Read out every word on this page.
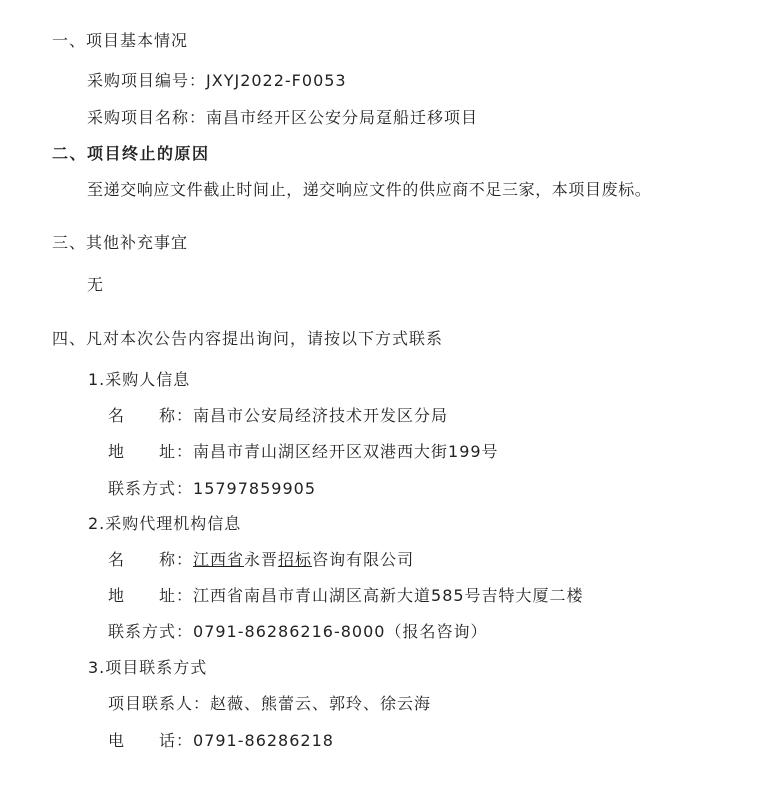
一、项目基本情况
采购项目编号：JXYJ2022-F0053
采购项目名称：南昌市经开区公安分局趸船迁移项目
二、项目终止的原因
至递交响应文件截止时间止，递交响应文件的供应商不足三家，本项目废标。
三、其他补充事宜
无
四、凡对本次公告内容提出询问，请按以下方式联系
1.采购人信息
名　　称：南昌市公安局经济技术开发区分局
地　　址：南昌市青山湖区经开区双港西大街199号
联系方式：15797859905
2.采购代理机构信息
名　　称：江西省永晋招标咨询有限公司
地　　址：江西省南昌市青山湖区高新大道585号吉特大厦二楼
联系方式：0791-86286216-8000（报名咨询）
3.项目联系方式
项目联系人：赵薇、熊蕾云、郭玲、徐云海
电　　话：0791-86286218
